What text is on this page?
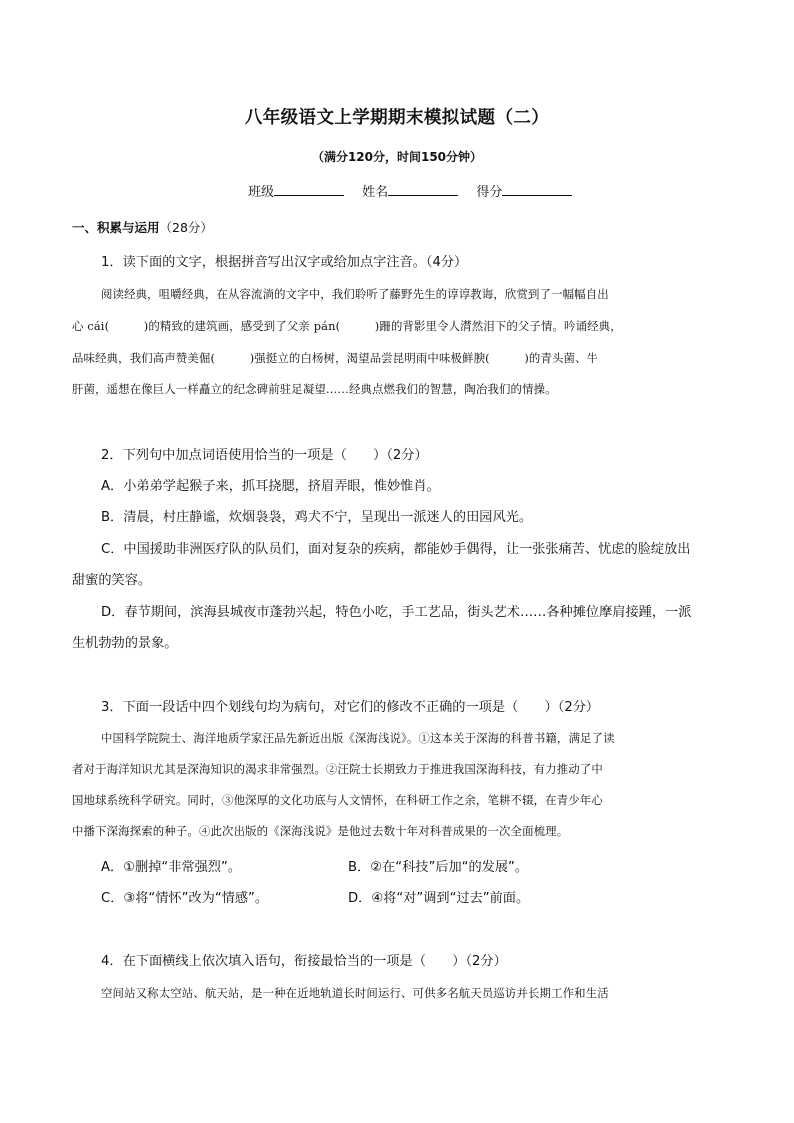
八年级语文上学期期末模拟试题（二）
（满分120分，时间150分钟）
班级	姓名	得分
一、积累与运用（28分）
1．读下面的文字，根据拼音写出汉字或给加点字注音。（4分）
阅读经典，咀嚼经典，在从容流淌的文字中，我们聆听了藤野先生的谆谆教诲，欣赏到了一幅幅自出
心 cái(　　　)的精致的建筑画，感受到了父亲 pán(　　　)跚的背影里令人潸然泪下的父子情。吟诵经典，
品味经典，我们高声赞美倔(　　　)强挺立的白杨树，渴望品尝昆明雨中味极鲜腴(　　　)的青头菌、牛
肝菌，遥想在像巨人一样矗立的纪念碑前驻足凝望……经典点燃我们的智慧，陶冶我们的情操。
2．下列句中加点词语使用恰当的一项是（　　）（2分）
A．小弟弟学起猴子来，抓耳挠腮，挤眉弄眼，惟妙惟肖。
B．清晨，村庄静谧，炊烟袅袅，鸡犬不宁，呈现出一派迷人的田园风光。
C．中国援助非洲医疗队的队员们，面对复杂的疾病，都能妙手偶得，让一张张痛苦、忧虑的脸绽放出
甜蜜的笑容。
D．春节期间，滨海县城夜市蓬勃兴起，特色小吃，手工艺品，街头艺术……各种摊位摩肩接踵，一派
生机勃勃的景象。
3．下面一段话中四个划线句均为病句，对它们的修改不正确的一项是（　　）（2分）
中国科学院院士、海洋地质学家汪品先新近出版《深海浅说》。①这本关于深海的科普书籍，满足了读
者对于海洋知识尤其是深海知识的渴求非常强烈。②汪院士长期致力于推进我国深海科技，有力推动了中
国地球系统科学研究。同时，③他深厚的文化功底与人文情怀，在科研工作之余，笔耕不辍，在青少年心
中播下深海探索的种子。④此次出版的《深海浅说》是他过去数十年对科普成果的一次全面梳理。
A．①删掉“非常强烈”。	B．②在“科技”后加“的发展”。
C．③将“情怀”改为“情感”。	D．④将“对”调到“过去”前面。
4．在下面横线上依次填入语句，衔接最恰当的一项是（　　）（2分）
空间站又称太空站、航天站，是一种在近地轨道长时间运行、可供多名航天员巡访并长期工作和生活
